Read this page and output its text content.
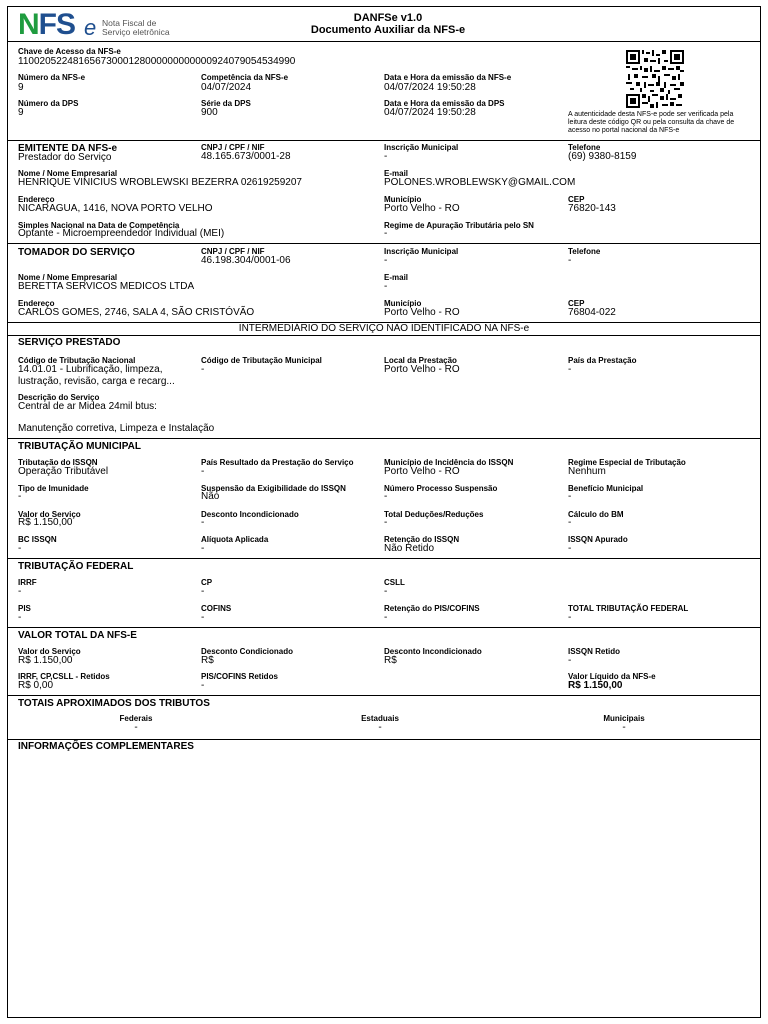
NFS e Nota Fiscal de
Serviço eletrônica
DANFSe v1.0
Documento Auxiliar da NFS-e
Chave de Acesso da NFS-e
11002052248165673000128000000000000924079054534990
Número da NFS-e
9
Competência da NFS-e
04/07/2024
Data e Hora da emissão da NFS-e
04/07/2024 19:50:28
Número da DPS
9
Série da DPS
900
Data e Hora da emissão da DPS
04/07/2024 19:50:28	A autenticidade desta NFS-e pode ser verificada pela leitura deste código QR ou pela consulta da chave de acesso no portal nacional da NFS-e
EMITENTE DA NFS-e
Prestador do Serviço
CNPJ / CPF / NIF
48.165.673/0001-28
Inscrição Municipal
-
Telefone
(69) 9380-8159
Nome / Nome Empresarial
HENRIQUE VINICIUS WROBLEWSKI BEZERRA 02619259207
E-mail
POLONES.WROBLEWSKY@GMAIL.COM
Endereço
NICARAGUA, 1416, NOVA PORTO VELHO
Município
Porto Velho - RO
CEP
76820-143
Simples Nacional na Data de Competência
Optante - Microempreendedor Individual (MEI)
Regime de Apuração Tributária pelo SN
-
TOMADOR DO SERVIÇO	CNPJ / CPF / NIF
46.198.304/0001-06
Inscrição Municipal
-
Telefone
-
Nome / Nome Empresarial
BERETTA SERVICOS MEDICOS LTDA
E-mail
-
Endereço
CARLOS GOMES, 2746, SALA 4, SÃO CRISTÓVÃO
Município
Porto Velho - RO
CEP
76804-022
INTERMEDIÁRIO DO SERVIÇO NÃO IDENTIFICADO NA NFS-e
SERVIÇO PRESTADO
Código de Tributação Nacional
14.01.01 - Lubrificação, limpeza,
lustração, revisão, carga e recarg...
Código de Tributação Municipal
-
Local da Prestação
Porto Velho - RO
País da Prestação
-
Descrição do Serviço
Central de ar Midea 24mil btus:
Manutenção corretiva, Limpeza e Instalação
TRIBUTAÇÃO MUNICIPAL
Tributação do ISSQN
Operação Tributável
País Resultado da Prestação do Serviço
-
Município de Incidência do ISSQN
Porto Velho - RO
Regime Especial de Tributação
Nenhum
Tipo de Imunidade
-
Suspensão da Exigibilidade do ISSQN
Não
Número Processo Suspensão
-
Benefício Municipal
-
Valor do Serviço
R$ 1.150,00
Desconto Incondicionado
-
Total Deduções/Reduções
-
Cálculo do BM
-
BC ISSQN
-
Alíquota Aplicada
-
Retenção do ISSQN
Não Retido
ISSQN Apurado
-
TRIBUTAÇÃO FEDERAL
IRRF
-
CP
-
CSLL
-
PIS
-
COFINS
-
Retenção do PIS/COFINS
-
TOTAL TRIBUTAÇÃO FEDERAL
-
VALOR TOTAL DA NFS-E
Valor do Serviço
R$ 1.150,00
Desconto Condicionado
R$
Desconto Incondicionado
R$
ISSQN Retido
-
IRRF, CP,CSLL - Retidos
R$ 0,00
PIS/COFINS Retidos
-
Valor Líquido da NFS-e
R$ 1.150,00
TOTAIS APROXIMADOS DOS TRIBUTOS
Federais
-
Estaduais
-
Municipais
-
INFORMAÇÕES COMPLEMENTARES
